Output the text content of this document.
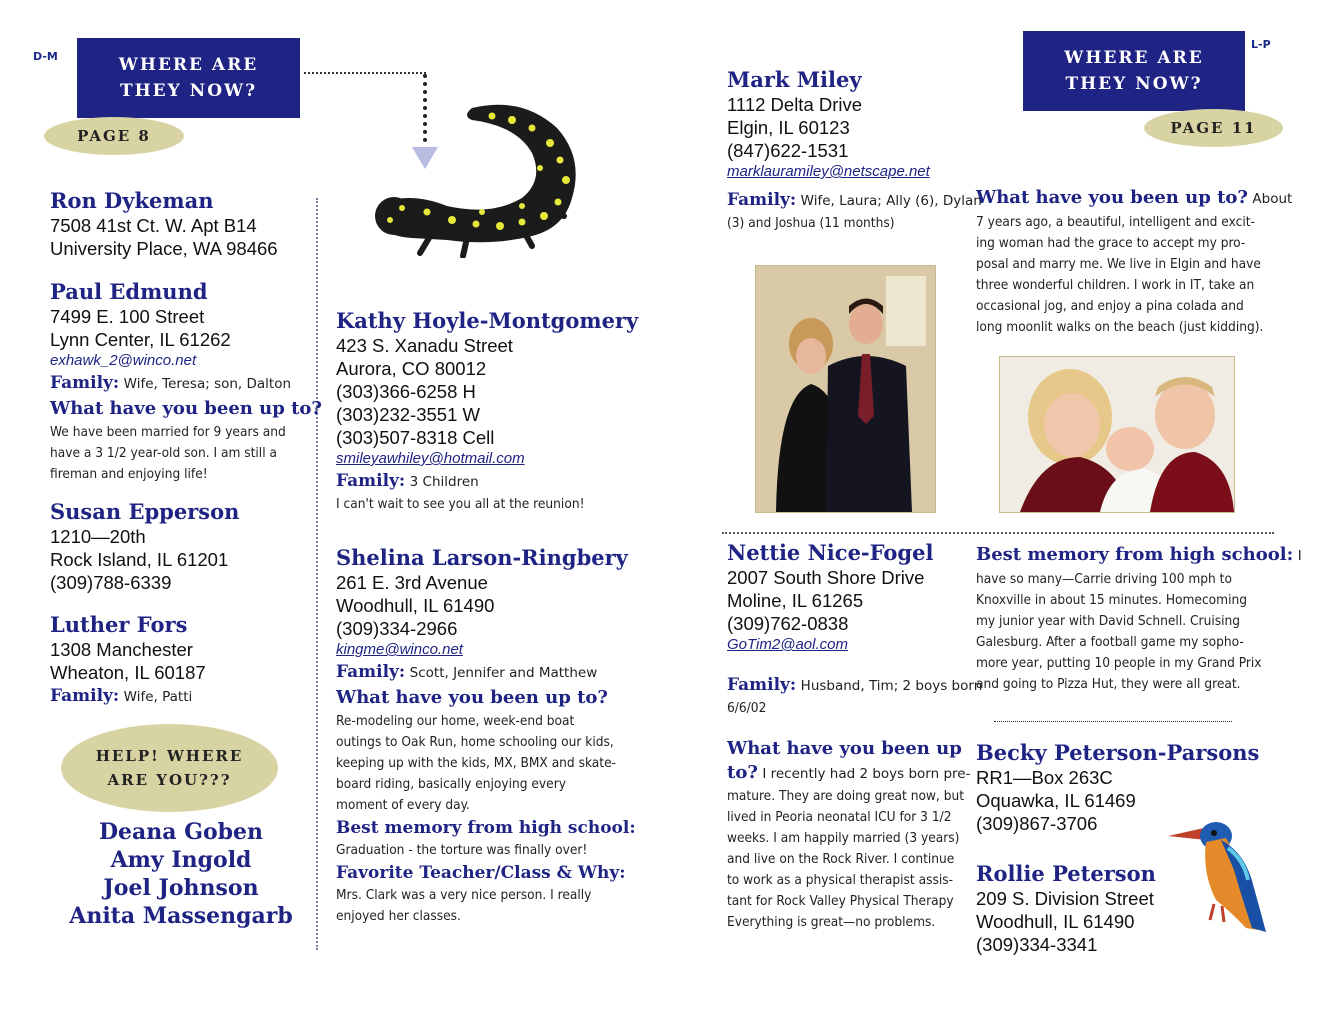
D-M	WHERE ARE
THEY NOW?
PAGE 8
Ron Dykeman
7508 41st Ct. W. Apt B14
University Place, WA 98466
Paul Edmund
7499 E. 100 Street
Lynn Center, IL 61262
exhawk_2@winco.net
Family: Wife, Teresa; son, Dalton
What have you been up to?
We have been married for 9 years and
have a 3 1/2 year-old son. I am still a
fireman and enjoying life!
Susan Epperson
1210—20th
Rock Island, IL 61201
(309)788-6339
Luther Fors
1308 Manchester
Wheaton, IL 60187
Family: Wife, Patti
HELP! WHERE
ARE YOU???
Deana Goben
Amy Ingold
Joel Johnson
Anita Massengarb
Kathy Hoyle-Montgomery
423 S. Xanadu Street
Aurora, CO 80012
(303)366-6258 H
(303)232-3551 W
(303)507-8318 Cell
smileyawhiley@hotmail.com
Family: 3 Children
I can't wait to see you all at the reunion!
Shelina Larson-Ringbery
261 E. 3rd Avenue
Woodhull, IL 61490
(309)334-2966
kingme@winco.net
Family: Scott, Jennifer and Matthew
What have you been up to?
Re-modeling our home, week-end boat
outings to Oak Run, home schooling our kids,
keeping up with the kids, MX, BMX and skate-
board riding, basically enjoying every
moment of every day.
Best memory from high school:
Graduation - the torture was finally over!
Favorite Teacher/Class & Why:
Mrs. Clark was a very nice person. I really
enjoyed her classes.
L-P
WHERE ARE
THEY NOW?
PAGE 11
Mark Miley
1112 Delta Drive
Elgin, IL 60123
(847)622-1531
marklauramiley@netscape.net
Family: Wife, Laura; Ally (6), Dylan
(3) and Joshua (11 months)
What have you been up to? About
7 years ago, a beautiful, intelligent and excit-
ing woman had the grace to accept my pro-
posal and marry me. We live in Elgin and have
three wonderful children. I work in IT, take an
occasional jog, and enjoy a pina colada and
long moonlit walks on the beach (just kidding).
Nettie Nice-Fogel
2007 South Shore Drive
Moline, IL 61265
(309)762-0838
GoTim2@aol.com
Family: Husband, Tim; 2 boys born
6/6/02
What have you been up
to? I recently had 2 boys born pre-
mature. They are doing great now, but
lived in Peoria neonatal ICU for 3 1/2
weeks. I am happily married (3 years)
and live on the Rock River. I continue
to work as a physical therapist assis-
tant for Rock Valley Physical Therapy
Everything is great—no problems.
Best memory from high school: I
have so many—Carrie driving 100 mph to
Knoxville in about 15 minutes. Homecoming
my junior year with David Schnell. Cruising
Galesburg. After a football game my sopho-
more year, putting 10 people in my Grand Prix
and going to Pizza Hut, they were all great.
Becky Peterson-Parsons
RR1—Box 263C
Oquawka, IL 61469
(309)867-3706
Rollie Peterson
209 S. Division Street
Woodhull, IL 61490
(309)334-3341
